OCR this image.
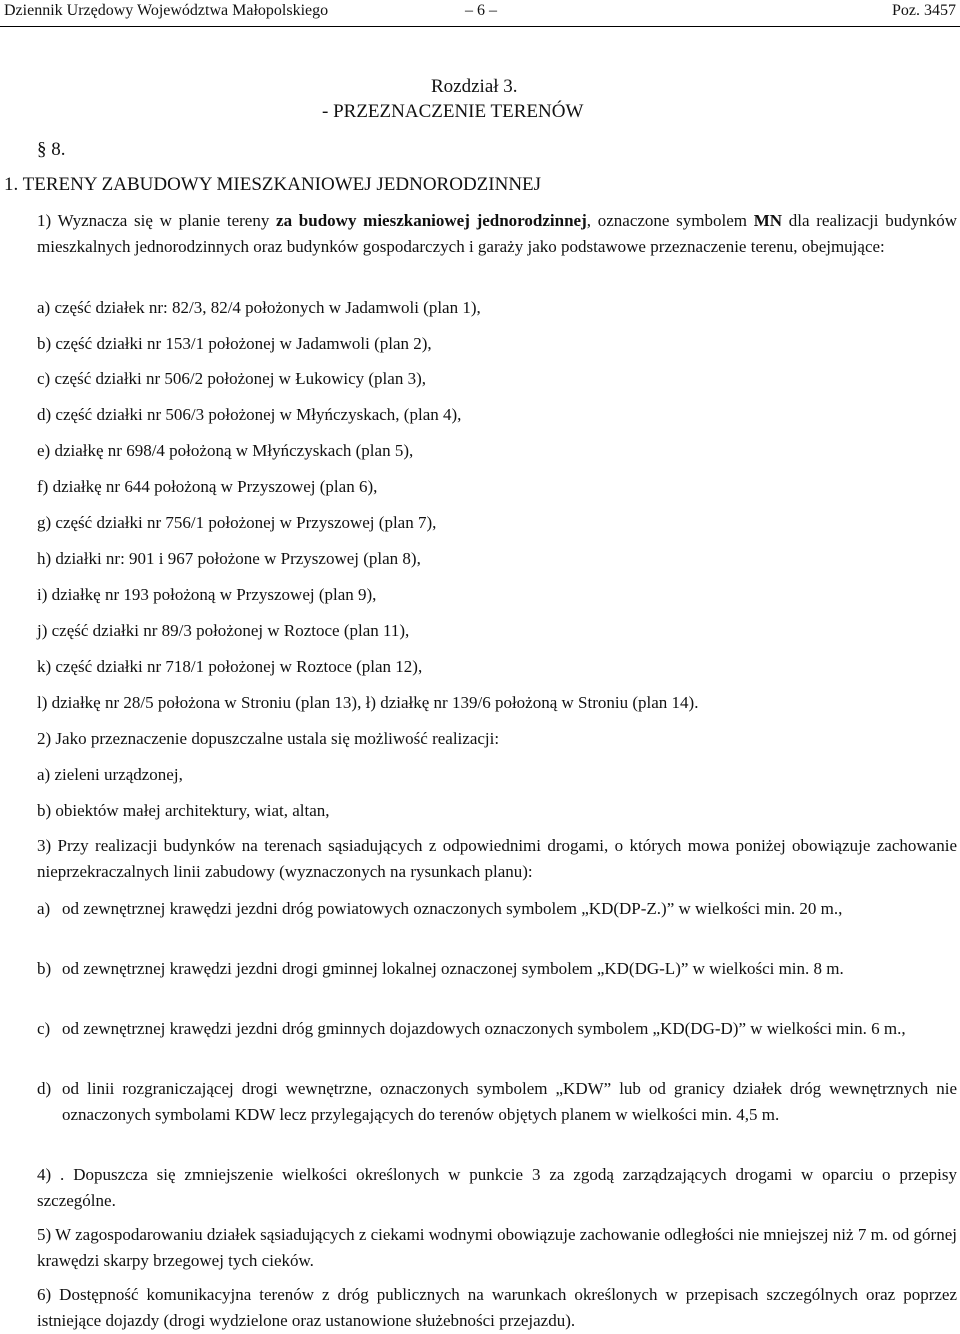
Dziennik Urzędowy Województwa Małopolskiego	– 6 –	Poz. 3457
Rozdział 3.
- PRZEZNACZENIE TERENÓW
§ 8.
1. TERENY ZABUDOWY MIESZKANIOWEJ JEDNORODZINNEJ
1) Wyznacza się w planie tereny za budowy mieszkaniowej jednorodzinnej, oznaczone symbolem MN dla realizacji budynków mieszkalnych jednorodzinnych oraz budynków gospodarczych i garaży jako podstawowe przeznaczenie terenu, obejmujące:
a) część działek nr: 82/3, 82/4 położonych w Jadamwoli (plan 1),
b) część działki nr 153/1 położonej w Jadamwoli (plan 2),
c) część działki nr 506/2 położonej w Łukowicy (plan 3),
d) część działki nr 506/3 położonej w Młyńczyskach, (plan 4),
e) działkę nr 698/4 położoną w Młyńczyskach (plan 5),
f) działkę nr 644 położoną w Przyszowej (plan 6),
g) część działki nr 756/1 położonej w Przyszowej (plan 7),
h) działki nr: 901 i 967 położone w Przyszowej (plan 8),
i) działkę nr 193 położoną w Przyszowej (plan 9),
j) część działki nr 89/3 położonej w Roztoce (plan 11),
k) część działki nr 718/1 położonej w Roztoce (plan 12),
l) działkę nr 28/5 położona w Stroniu (plan 13), ł) działkę nr 139/6 położoną w Stroniu (plan 14).
2) Jako przeznaczenie dopuszczalne ustala się możliwość realizacji:
a) zieleni urządzonej,
b) obiektów małej architektury, wiat, altan,
3) Przy realizacji budynków na terenach sąsiadujących z odpowiednimi drogami, o których mowa poniżej obowiązuje zachowanie nieprzekraczalnych linii zabudowy (wyznaczonych na rysunkach planu):
a) od zewnętrznej krawędzi jezdni dróg powiatowych oznaczonych symbolem „KD(DP-Z.)” w wielkości min. 20 m.,
b) od zewnętrznej krawędzi jezdni drogi gminnej lokalnej oznaczonej symbolem „KD(DG-L)” w wielkości min. 8 m.
c) od zewnętrznej krawędzi jezdni dróg gminnych dojazdowych oznaczonych symbolem „KD(DG-D)” w wielkości min. 6 m.,
d) od linii rozgraniczającej drogi wewnętrzne, oznaczonych symbolem „KDW” lub od granicy działek dróg wewnętrznych nie oznaczonych symbolami KDW lecz przylegających do terenów objętych planem w wielkości min. 4,5 m.
4) . Dopuszcza się zmniejszenie wielkości określonych w punkcie 3 za zgodą zarządzających drogami w oparciu o przepisy szczególne.
5) W zagospodarowaniu działek sąsiadujących z ciekami wodnymi obowiązuje zachowanie odległości nie mniejszej niż 7 m. od górnej krawędzi skarpy brzegowej tych cieków.
6) Dostępność komunikacyjna terenów z dróg publicznych na warunkach określonych w przepisach szczególnych oraz poprzez istniejące dojazdy (drogi wydzielone oraz ustanowione służebności przejazdu).
